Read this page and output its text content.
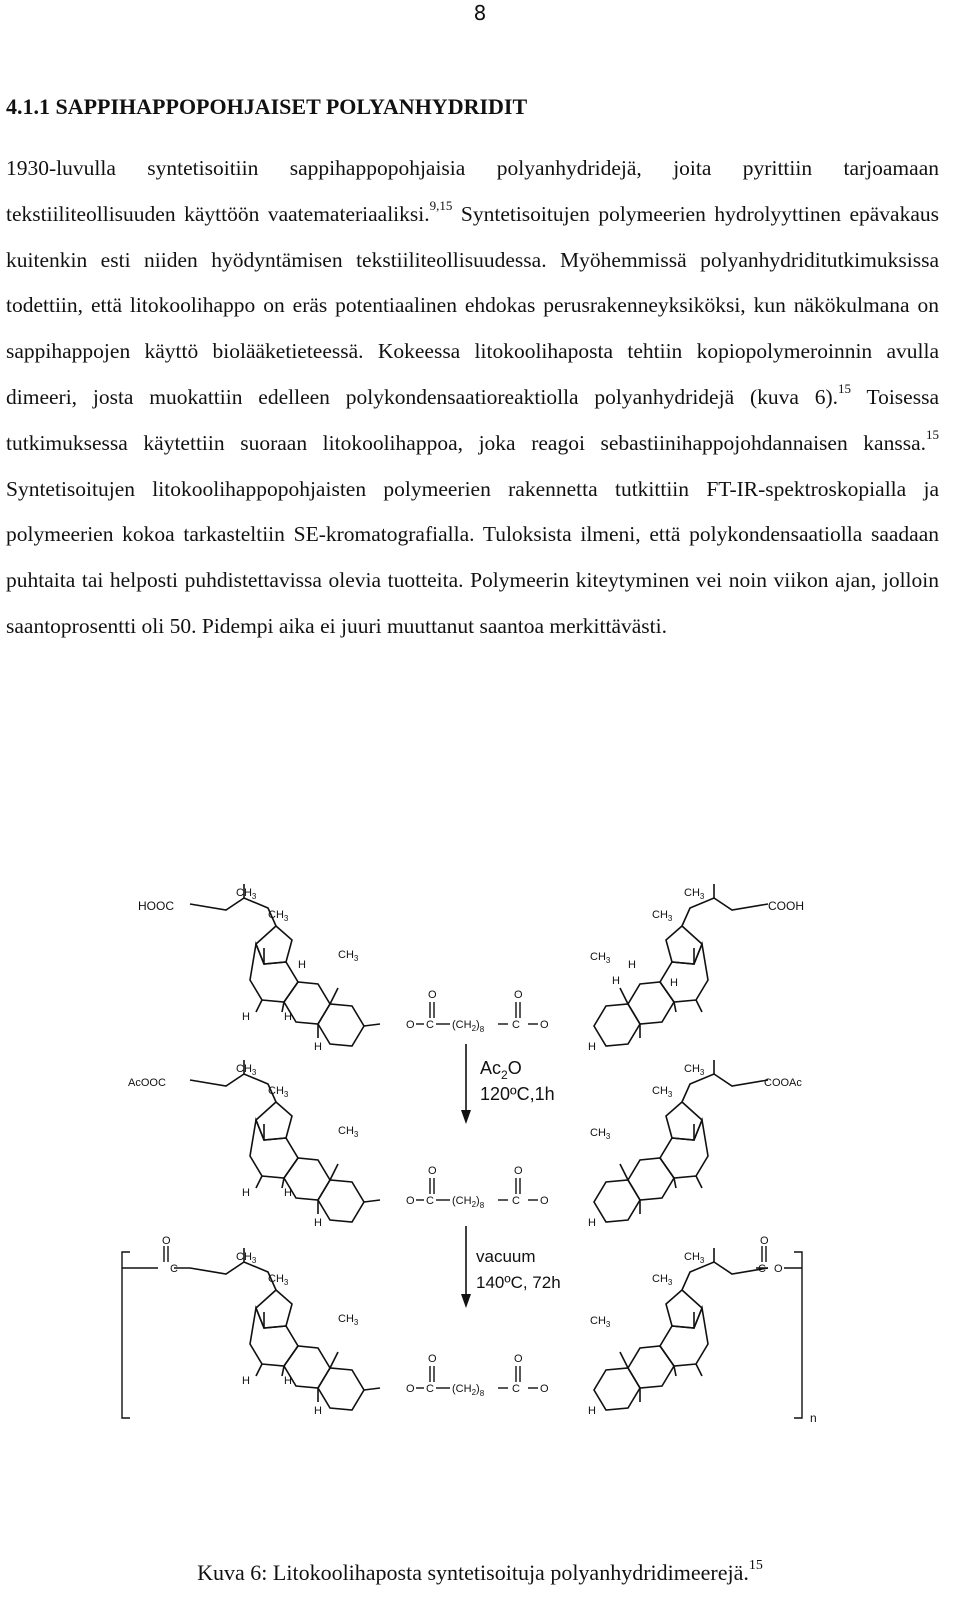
8
4.1.1 SAPPIHAPPOPOHJAISET POLYANHYDRIDIT

1930-luvulla syntetisoitiin sappihappopohjaisia polyanhydridejä, joita pyrittiin tarjoamaan tekstiiliteollisuuden käyttöön vaatemateriaaliksi.$^{9,15}$ Syntetisoitujen polymeerien hydrolyyttinen epävakaus kuitenkin esti niiden hyödyntämisen tekstiiliteollisuudessa. Myöhemmissä polyanhydriditutkimuksissa todettiin, että litokoolihappo on eräs potentiaalinen ehdokas perusrakenneyksiköksi, kun näkökulmana on sappihappojen käyttö biolääketieteessä. Kokeessa litokoolihaposta tehtiin kopiopolymeroinnin avulla dimeeri, josta muokattiin edelleen polykondensaatioreaktiolla polyanhydridejä (kuva 6).$^{15}$ Toisessa tutkimuksessa käytettiin suoraan litokoolihappoa, joka reagoi sebastiinihappojohdannaisen kanssa.$^{15}$ Syntetisoitujen litokoolihappopohjaisten polymeerien rakennetta tutkittiin FT-IR-spektroskopialla ja polymeerien kokoa tarkasteltiin SE-kromatografialla. Tuloksista ilmeni, että polykondensaatiolla saadaan puhtaita tai helposti puhdistettavissa olevia tuotteita. Polymeerin kiteytyminen vei noin viikon ajan, jolloin saantoprosentti oli 50. Pidempi aika ei juuri muuttanut saantoa merkittävästi.

HOOC	COOH
$Ac_2O$
120ºC,1h
AcOOC	COOAc
vacuum
140ºC, 72h
n
$CH_3$
$CH_3$
$CH_3$
H
H	H
H
O C
O
$(CH_2)_8$	C
O
O
$CH_3$
$CH_3$
$CH_3$
H
H	H
H
$CH_3$
$CH_3$
$CH_3$
H	H
H
O C
O
$(CH_2)_8$	C
O
O
$CH_3$
$CH_3$
$CH_3$
H
C
O
$CH_3$
$CH_3$
$CH_3$
H	H
H
O C
O
$(CH_2)_8$	C
O
O
$CH_3$
$CH_3$
$CH_3$
H
C
O
O
Kuva 6: Litokoolihaposta syntetisoituja polyanhydridimeerejä.$^{15}$
